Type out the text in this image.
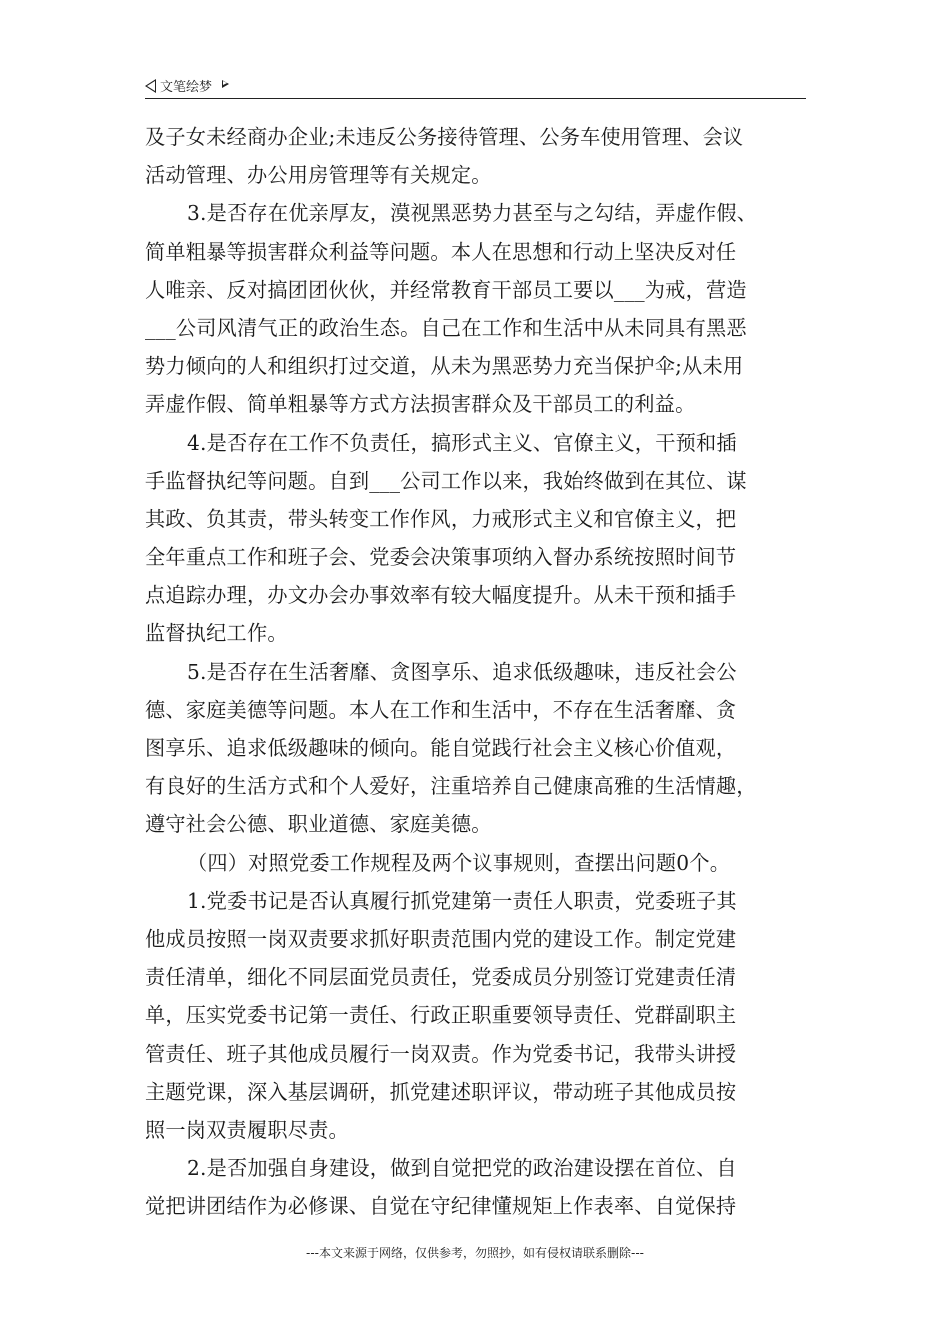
文笔绘梦
及子女未经商办企业;未违反公务接待管理、公务车使用管理、会议
活动管理、办公用房管理等有关规定。
3.是否存在优亲厚友，漠视黑恶势力甚至与之勾结，弄虚作假、
简单粗暴等损害群众利益等问题。本人在思想和行动上坚决反对任
人唯亲、反对搞团团伙伙，并经常教育干部员工要以___为戒，营造
___公司风清气正的政治生态。自己在工作和生活中从未同具有黑恶
势力倾向的人和组织打过交道，从未为黑恶势力充当保护伞;从未用
弄虚作假、简单粗暴等方式方法损害群众及干部员工的利益。
4.是否存在工作不负责任，搞形式主义、官僚主义，干预和插
手监督执纪等问题。自到___公司工作以来，我始终做到在其位、谋
其政、负其责，带头转变工作作风，力戒形式主义和官僚主义，把
全年重点工作和班子会、党委会决策事项纳入督办系统按照时间节
点追踪办理，办文办会办事效率有较大幅度提升。从未干预和插手
监督执纪工作。
5.是否存在生活奢靡、贪图享乐、追求低级趣味，违反社会公
德、家庭美德等问题。本人在工作和生活中，不存在生活奢靡、贪
图享乐、追求低级趣味的倾向。能自觉践行社会主义核心价值观，
有良好的生活方式和个人爱好，注重培养自己健康高雅的生活情趣，
遵守社会公德、职业道德、家庭美德。
（四）对照党委工作规程及两个议事规则，查摆出问题0个。
1.党委书记是否认真履行抓党建第一责任人职责，党委班子其
他成员按照一岗双责要求抓好职责范围内党的建设工作。制定党建
责任清单，细化不同层面党员责任，党委成员分别签订党建责任清
单，压实党委书记第一责任、行政正职重要领导责任、党群副职主
管责任、班子其他成员履行一岗双责。作为党委书记，我带头讲授
主题党课，深入基层调研，抓党建述职评议，带动班子其他成员按
照一岗双责履职尽责。
2.是否加强自身建设，做到自觉把党的政治建设摆在首位、自
觉把讲团结作为必修课、自觉在守纪律懂规矩上作表率、自觉保持
---本文来源于网络，仅供参考，勿照抄，如有侵权请联系删除---
